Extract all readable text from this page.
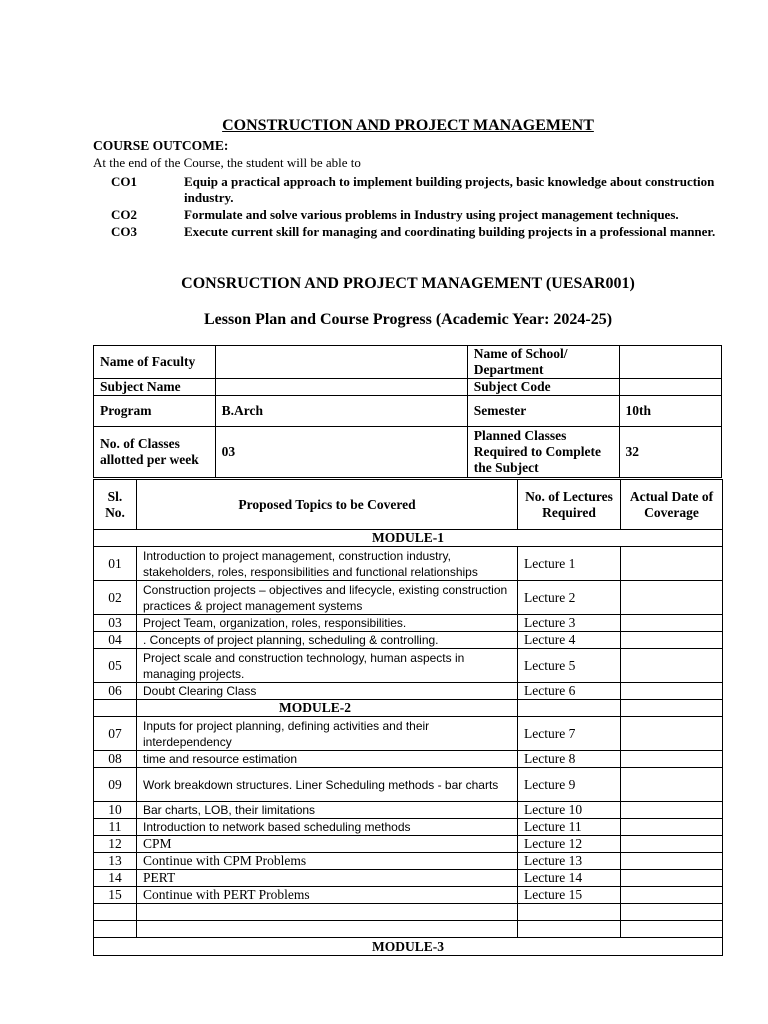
CONSTRUCTION AND PROJECT MANAGEMENT
COURSE OUTCOME:
At the end of the Course, the student will be able to
CO1	Equip a practical approach to implement building projects, basic knowledge about construction industry.
CO2	Formulate and solve various problems in Industry using project management techniques.
CO3	Execute current skill for managing and coordinating building projects in a professional manner.
CONSRUCTION AND PROJECT MANAGEMENT (UESAR001)
Lesson Plan and Course Progress (Academic Year: 2024-25)
Name of Faculty		Name of School/ Department	
Subject Name		Subject Code	
Program	B.Arch	Semester	10th
No. of Classes allotted per week	03	Planned Classes Required to Complete the Subject	32
Sl. No.	Proposed Topics to be Covered	No. of Lectures Required	Actual Date of Coverage
MODULE-1			
01	Introduction to project management, construction industry, stakeholders, roles, responsibilities and functional relationships	Lecture 1	
02	Construction projects – objectives and lifecycle, existing construction practices & project management systems	Lecture 2	
03	Project Team, organization, roles, responsibilities.	Lecture 3	
04	. Concepts of project planning, scheduling & controlling.	Lecture 4	
05	Project scale and construction technology, human aspects in managing projects.	Lecture 5	
06	Doubt Clearing Class	Lecture 6	
	MODULE-2		
07	Inputs for project planning, defining activities and their interdependency	Lecture 7	
08	time and resource estimation	Lecture 8	
09	Work breakdown structures. Liner Scheduling methods - bar charts	Lecture 9	
10	Bar charts, LOB, their limitations	Lecture 10	
11	Introduction to network based scheduling methods	Lecture 11	
12	CPM	Lecture 12	
13	Continue with CPM Problems	Lecture 13	
14	PERT	Lecture 14	
15	Continue with PERT Problems	Lecture 15	

MODULE-3			
